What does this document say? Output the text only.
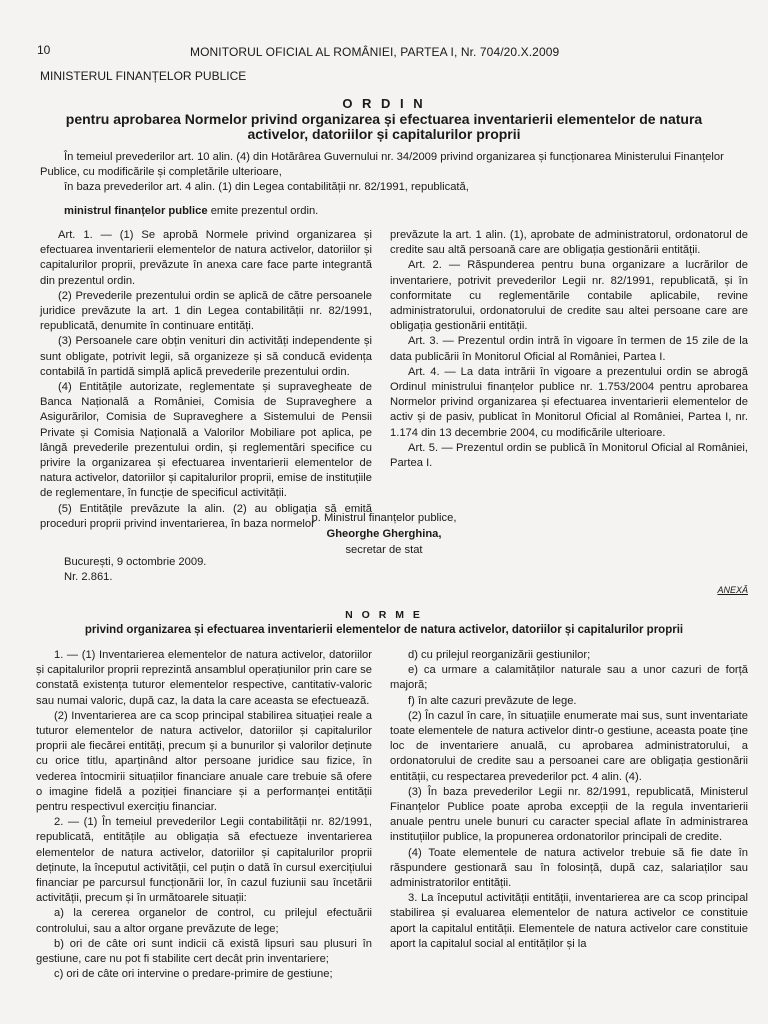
10	MONITORUL OFICIAL AL ROMÂNIEI, PARTEA I, Nr. 704/20.X.2009
MINISTERUL FINANȚELOR PUBLICE
O R D I N
pentru aprobarea Normelor privind organizarea și efectuarea inventarierii elementelor de natura
activelor, datoriilor și capitalurilor proprii

În temeiul prevederilor art. 10 alin. (4) din Hotărârea Guvernului nr. 34/2009 privind organizarea și funcționarea Ministerului Finanțelor Publice, cu modificările și completările ulterioare,

în baza prevederilor art. 4 alin. (1) din Legea contabilității nr. 82/1991, republicată,

ministrul finanțelor publice emite prezentul ordin.

Art. 1. — (1) Se aprobă Normele privind organizarea și efectuarea inventarierii elementelor de natura activelor, datoriilor și capitalurilor proprii, prevăzute în anexa care face parte integrantă din prezentul ordin.

(2) Prevederile prezentului ordin se aplică de către persoanele juridice prevăzute la art. 1 din Legea contabilității nr. 82/1991, republicată, denumite în continuare entități.

(3) Persoanele care obțin venituri din activități independente și sunt obligate, potrivit legii, să organizeze și să conducă evidența contabilă în partidă simplă aplică prevederile prezentului ordin.

(4) Entitățile autorizate, reglementate și supravegheate de Banca Națională a României, Comisia de Supraveghere a Asigurărilor, Comisia de Supraveghere a Sistemului de Pensii Private și Comisia Națională a Valorilor Mobiliare pot aplica, pe lângă prevederile prezentului ordin, și reglementări specifice cu privire la organizarea și efectuarea inventarierii elementelor de natura activelor, datoriilor și capitalurilor proprii, emise de instituțiile de reglementare, în funcție de specificul activității.

(5) Entitățile prevăzute la alin. (2) au obligația să emită proceduri proprii privind inventarierea, în baza normelor

prevăzute la art. 1 alin. (1), aprobate de administratorul, ordonatorul de credite sau altă persoană care are obligația gestionării entității.

Art. 2. — Răspunderea pentru buna organizare a lucrărilor de inventariere, potrivit prevederilor Legii nr. 82/1991, republicată, și în conformitate cu reglementările contabile aplicabile, revine administratorului, ordonatorului de credite sau altei persoane care are obligația gestionării entității.

Art. 3. — Prezentul ordin intră în vigoare în termen de 15 zile de la data publicării în Monitorul Oficial al României, Partea I.

Art. 4. — La data intrării în vigoare a prezentului ordin se abrogă Ordinul ministrului finanțelor publice nr. 1.753/2004 pentru aprobarea Normelor privind organizarea și efectuarea inventarierii elementelor de activ și de pasiv, publicat în Monitorul Oficial al României, Partea I, nr. 1.174 din 13 decembrie 2004, cu modificările ulterioare.

Art. 5. — Prezentul ordin se publică în Monitorul Oficial al României, Partea I.

p. Ministrul finanțelor publice,
Gheorghe Gherghina,
secretar de stat
București, 9 octombrie 2009.
Nr. 2.861.
ANEXĂ
N O R M E
privind organizarea și efectuarea inventarierii elementelor de natura activelor, datoriilor și capitalurilor proprii

1. — (1) Inventarierea elementelor de natura activelor, datoriilor și capitalurilor proprii reprezintă ansamblul operațiunilor prin care se constată existența tuturor elementelor respective, cantitativ-valoric sau numai valoric, după caz, la data la care aceasta se efectuează.

(2) Inventarierea are ca scop principal stabilirea situației reale a tuturor elementelor de natura activelor, datoriilor și capitalurilor proprii ale fiecărei entități, precum și a bunurilor și valorilor deținute cu orice titlu, aparținând altor persoane juridice sau fizice, în vederea întocmirii situațiilor financiare anuale care trebuie să ofere o imagine fidelă a poziției financiare și a performanței entității pentru respectivul exercițiu financiar.

2. — (1) În temeiul prevederilor Legii contabilității nr. 82/1991, republicată, entitățile au obligația să efectueze inventarierea elementelor de natura activelor, datoriilor și capitalurilor proprii deținute, la începutul activității, cel puțin o dată în cursul exercițiului financiar pe parcursul funcționării lor, în cazul fuziunii sau încetării activității, precum și în următoarele situații:

a) la cererea organelor de control, cu prilejul efectuării controlului, sau a altor organe prevăzute de lege;

b) ori de câte ori sunt indicii că există lipsuri sau plusuri în gestiune, care nu pot fi stabilite cert decât prin inventariere;

c) ori de câte ori intervine o predare-primire de gestiune;

d) cu prilejul reorganizării gestiunilor;

e) ca urmare a calamităților naturale sau a unor cazuri de forță majoră;

f) în alte cazuri prevăzute de lege.

(2) În cazul în care, în situațiile enumerate mai sus, sunt inventariate toate elementele de natura activelor dintr-o gestiune, aceasta poate ține loc de inventariere anuală, cu aprobarea administratorului, a ordonatorului de credite sau a persoanei care are obligația gestionării entității, cu respectarea prevederilor pct. 4 alin. (4).

(3) În baza prevederilor Legii nr. 82/1991, republicată, Ministerul Finanțelor Publice poate aproba excepții de la regula inventarierii anuale pentru unele bunuri cu caracter special aflate în administrarea instituțiilor publice, la propunerea ordonatorilor principali de credite.

(4) Toate elementele de natura activelor trebuie să fie date în răspundere gestionară sau în folosință, după caz, salariaților sau administratorilor entității.

3. La începutul activității entității, inventarierea are ca scop principal stabilirea și evaluarea elementelor de natura activelor ce constituie aport la capitalul entității. Elementele de natura activelor care constituie aport la capitalul social al entităților și la
